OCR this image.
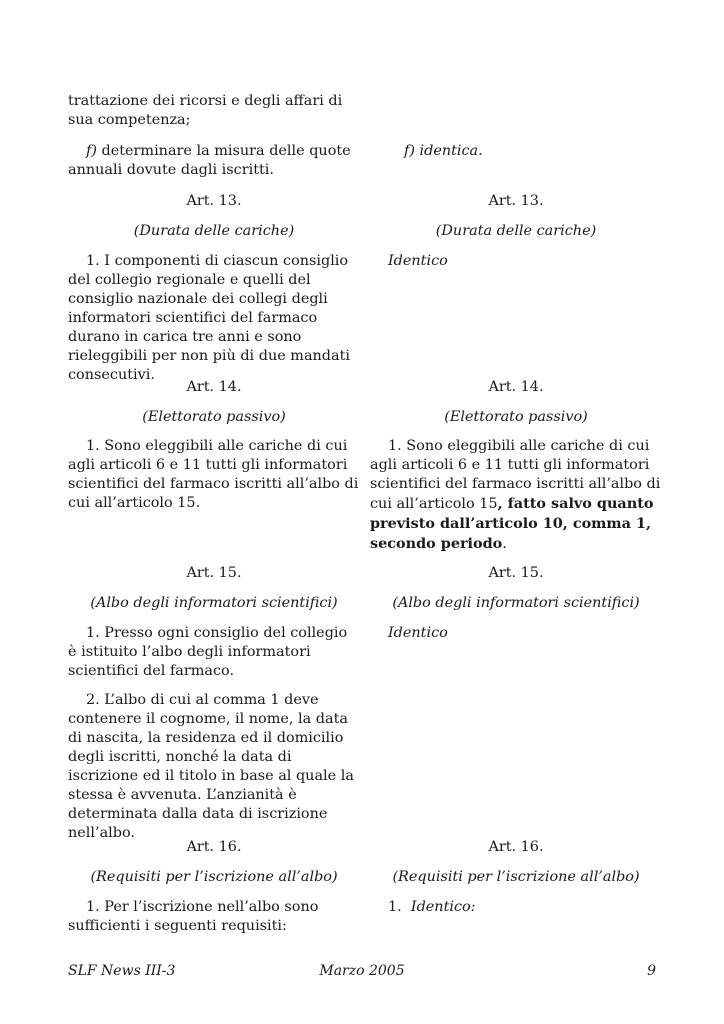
trattazione dei ricorsi e degli affari di sua competenza;

f) determinare la misura delle quote annuali dovute dagli iscritti.

Art. 13.

(Durata delle cariche)

1. I componenti di ciascun consiglio del collegio regionale e quelli del consiglio nazionale dei collegi degli informatori scientifici del farmaco durano in carica tre anni e sono rieleggibili per non più di due mandati consecutivi.

Art. 14.

(Elettorato passivo)

1. Sono eleggibili alle cariche di cui agli articoli 6 e 11 tutti gli informatori scientifici del farmaco iscritti all’albo di cui all’articolo 15.

Art. 15.

(Albo degli informatori scientifici)

1. Presso ogni consiglio del collegio è istituito l’albo degli informatori scientifici del farmaco.

2. L’albo di cui al comma 1 deve contenere il cognome, il nome, la data di nascita, la residenza ed il domicilio degli iscritti, nonché la data di iscrizione ed il titolo in base al quale la stessa è avvenuta. L’anzianità è determinata dalla data di iscrizione nell’albo.

Art. 16.

(Requisiti per l’iscrizione all’albo)

1. Per l’iscrizione nell’albo sono sufficienti i seguenti requisiti:

f) identica.

Art. 13.

(Durata delle cariche)

Identico

Art. 14.

(Elettorato passivo)

1. Sono eleggibili alle cariche di cui agli articoli 6 e 11 tutti gli informatori scientifici del farmaco iscritti all’albo di cui all’articolo 15, fatto salvo quanto previsto dall’articolo 10, comma 1, secondo periodo.

Art. 15.

(Albo degli informatori scientifici)

Identico

Art. 16.

(Requisiti per l’iscrizione all’albo)

1. Identico:

SLF News III-3	Marzo 2005	9
